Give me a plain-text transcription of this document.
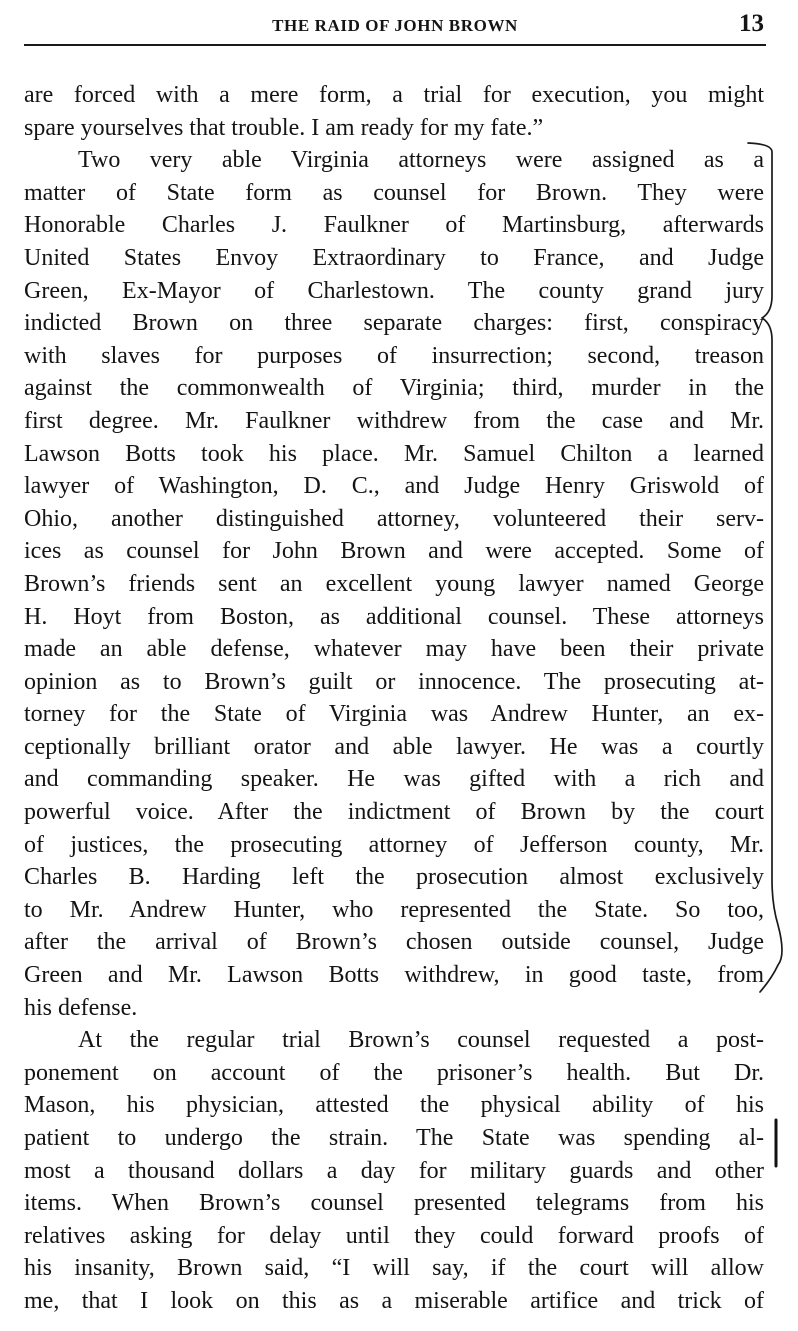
THE RAID OF JOHN BROWN	13
are forced with a mere form, a trial for execution, you might
spare yourselves that trouble. I am ready for my fate.”
Two very able Virginia attorneys were assigned as a
matter of State form as counsel for Brown. They were
Honorable Charles J. Faulkner of Martinsburg, afterwards
United States Envoy Extraordinary to France, and Judge
Green, Ex-Mayor of Charlestown. The county grand jury
indicted Brown on three separate charges: first, conspiracy
with slaves for purposes of insurrection; second, treason
against the commonwealth of Virginia; third, murder in the
first degree. Mr. Faulkner withdrew from the case and Mr.
Lawson Botts took his place. Mr. Samuel Chilton a learned
lawyer of Washington, D. C., and Judge Henry Griswold of
Ohio, another distinguished attorney, volunteered their serv-
ices as counsel for John Brown and were accepted. Some of
Brown’s friends sent an excellent young lawyer named George
H. Hoyt from Boston, as additional counsel. These attorneys
made an able defense, whatever may have been their private
opinion as to Brown’s guilt or innocence. The prosecuting at-
torney for the State of Virginia was Andrew Hunter, an ex-
ceptionally brilliant orator and able lawyer. He was a courtly
and commanding speaker. He was gifted with a rich and
powerful voice. After the indictment of Brown by the court
of justices, the prosecuting attorney of Jefferson county, Mr.
Charles B. Harding left the prosecution almost exclusively
to Mr. Andrew Hunter, who represented the State. So too,
after the arrival of Brown’s chosen outside counsel, Judge
Green and Mr. Lawson Botts withdrew, in good taste, from
his defense.
At the regular trial Brown’s counsel requested a post-
ponement on account of the prisoner’s health. But Dr.
Mason, his physician, attested the physical ability of his
patient to undergo the strain. The State was spending al-
most a thousand dollars a day for military guards and other
items. When Brown’s counsel presented telegrams from his
relatives asking for delay until they could forward proofs of
his insanity, Brown said, “I will say, if the court will allow
me, that I look on this as a miserable artifice and trick of
